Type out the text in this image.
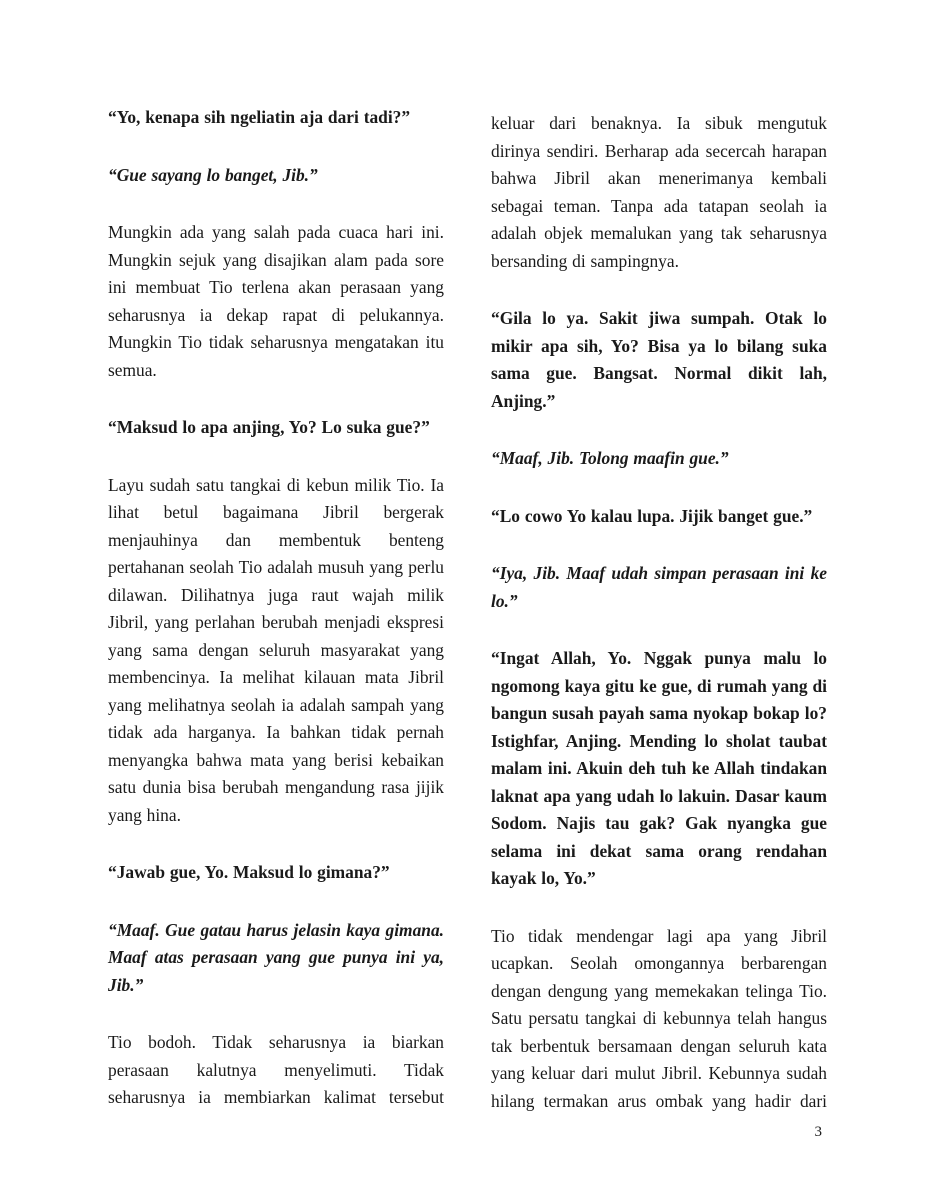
“Yo, kenapa sih ngeliatin aja dari tadi?”

“Gue sayang lo banget, Jib.”

Mungkin ada yang salah pada cuaca hari ini. Mungkin sejuk yang disajikan alam pada sore ini membuat Tio terlena akan perasaan yang seharusnya ia dekap rapat di pelukannya. Mungkin Tio tidak seharusnya mengatakan itu semua.

“Maksud lo apa anjing, Yo? Lo suka gue?”

Layu sudah satu tangkai di kebun milik Tio. Ia lihat betul bagaimana Jibril bergerak menjauhinya dan membentuk benteng pertahanan seolah Tio adalah musuh yang perlu dilawan. Dilihatnya juga raut wajah milik Jibril, yang perlahan berubah menjadi ekspresi yang sama dengan seluruh masyarakat yang membencinya. Ia melihat kilauan mata Jibril yang melihatnya seolah ia adalah sampah yang tidak ada harganya. Ia bahkan tidak pernah menyangka bahwa mata yang berisi kebaikan satu dunia bisa berubah mengandung rasa jijik yang hina.

“Jawab gue, Yo. Maksud lo gimana?”

“Maaf. Gue gatau harus jelasin kaya gimana. Maaf atas perasaan yang gue punya ini ya, Jib.”

Tio bodoh. Tidak seharusnya ia biarkan perasaan kalutnya menyelimuti. Tidak seharusnya ia membiarkan kalimat tersebut

keluar dari benaknya. Ia sibuk mengutuk dirinya sendiri. Berharap ada secercah harapan bahwa Jibril akan menerimanya kembali sebagai teman. Tanpa ada tatapan seolah ia adalah objek memalukan yang tak seharusnya bersanding di sampingnya.

“Gila lo ya. Sakit jiwa sumpah. Otak lo mikir apa sih, Yo? Bisa ya lo bilang suka sama gue. Bangsat. Normal dikit lah, Anjing.”

“Maaf, Jib. Tolong maafin gue.”

“Lo cowo Yo kalau lupa. Jijik banget gue.”

“Iya, Jib. Maaf udah simpan perasaan ini ke lo.”

“Ingat Allah, Yo. Nggak punya malu lo ngomong kaya gitu ke gue, di rumah yang di bangun susah payah sama nyokap bokap lo? Istighfar, Anjing. Mending lo sholat taubat malam ini. Akuin deh tuh ke Allah tindakan laknat apa yang udah lo lakuin. Dasar kaum Sodom. Najis tau gak? Gak nyangka gue selama ini dekat sama orang rendahan kayak lo, Yo.”

Tio tidak mendengar lagi apa yang Jibril ucapkan. Seolah omongannya berbarengan dengan dengung yang memekakan telinga Tio. Satu persatu tangkai di kebunnya telah hangus tak berbentuk bersamaan dengan seluruh kata yang keluar dari mulut Jibril. Kebunnya sudah hilang termakan arus ombak yang hadir dari

3
